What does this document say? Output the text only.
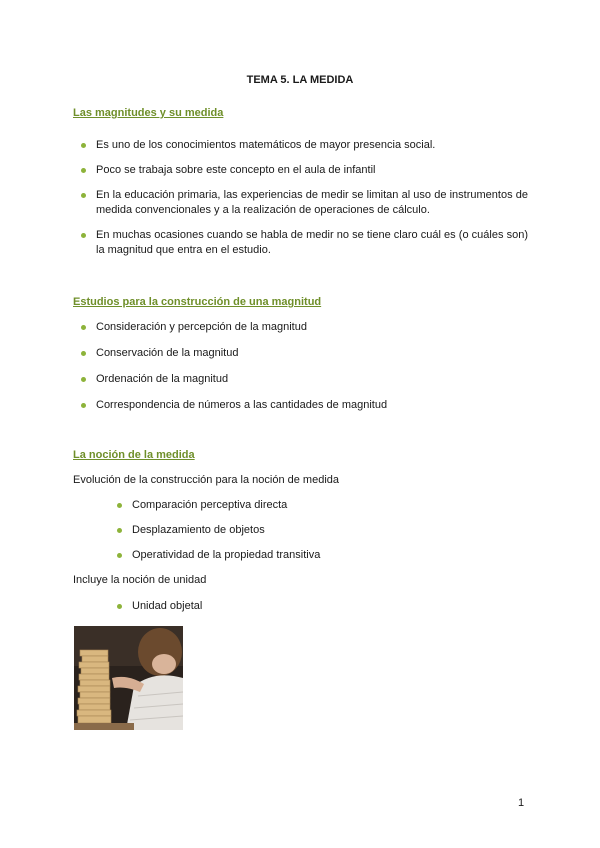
TEMA 5. LA MEDIDA
Las magnitudes y su medida
Es uno de los conocimientos matemáticos de mayor presencia social.
Poco se trabaja sobre este concepto en el aula de infantil
En la educación primaria, las experiencias de medir se limitan al uso de instrumentos de medida convencionales y a la realización de operaciones de cálculo.
En muchas ocasiones cuando se habla de medir no se tiene claro cuál es (o cuáles son) la magnitud que entra en el estudio.
Estudios para la construcción de una magnitud
Consideración y percepción de la magnitud
Conservación de la magnitud
Ordenación de la magnitud
Correspondencia de números a las cantidades de magnitud
La noción de la medida
Evolución de la construcción para la noción de medida
Comparación perceptiva directa
Desplazamiento de objetos
Operatividad de la propiedad transitiva
Incluye la noción de unidad
Unidad objetal
1
